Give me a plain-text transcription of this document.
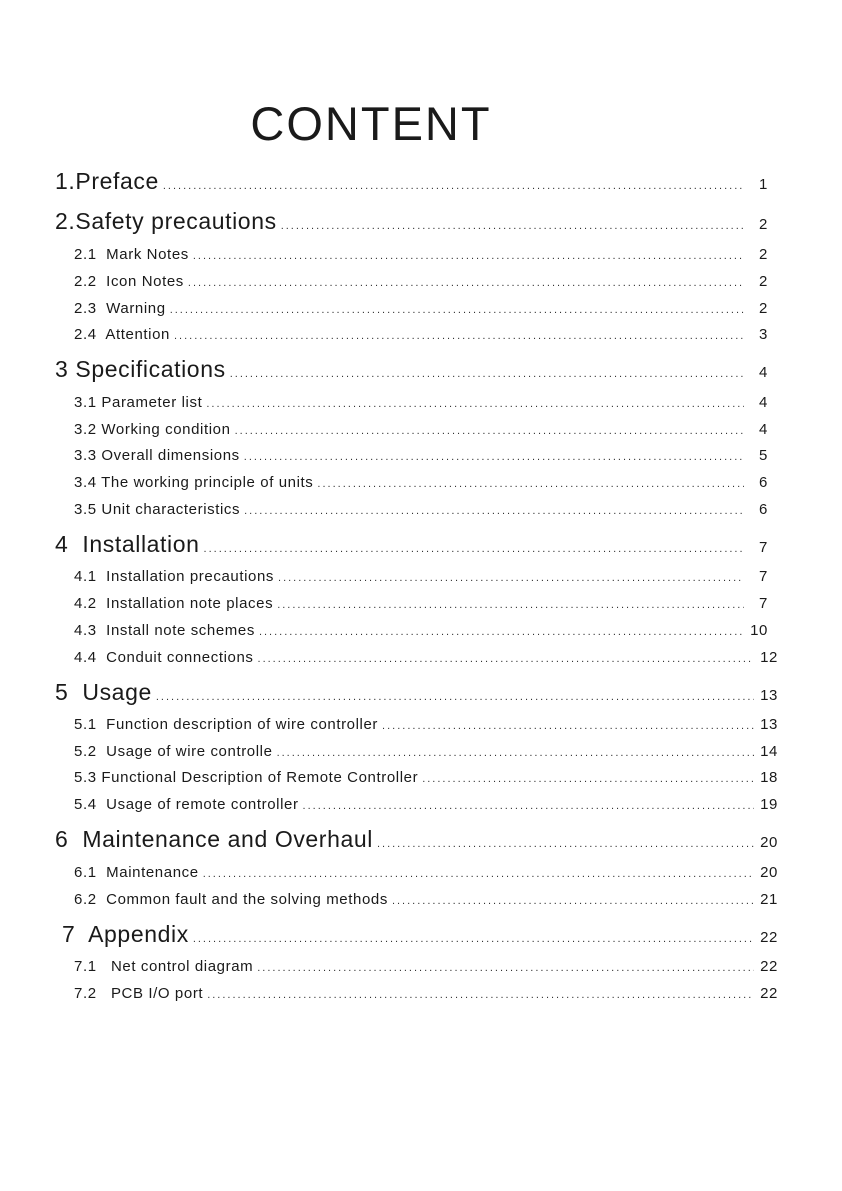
CONTENT
1.Preface .....	1
2.Safety precautions .....	2
2.1  Mark Notes .....	2
2.2  Icon Notes .....	2
2.3  Warning .....	2
2.4  Attention .....	3
3 Specifications .....	4
3.1 Parameter list .....	4
3.2 Working condition .....	4
3.3 Overall dimensions .....	5
3.4 The working principle of units .....	6
3.5 Unit characteristics .....	6
4  Installation .....	7
4.1  Installation precautions .....	7
4.2  Installation note places .....	7
4.3  Install note schemes .....	10
4.4  Conduit connections .....	12
5  Usage .....	13
5.1  Function description of wire controller .....	13
5.2  Usage of wire controlle .....	14
5.3 Functional Description of Remote Controller .....	18
5.4  Usage of remote controller .....	19
6  Maintenance and Overhaul .....	20
6.1  Maintenance .....	20
6.2  Common fault and the solving methods .....	21
7  Appendix .....	22
7.1   Net control diagram .....	22
7.2   PCB I/O port .....	22
